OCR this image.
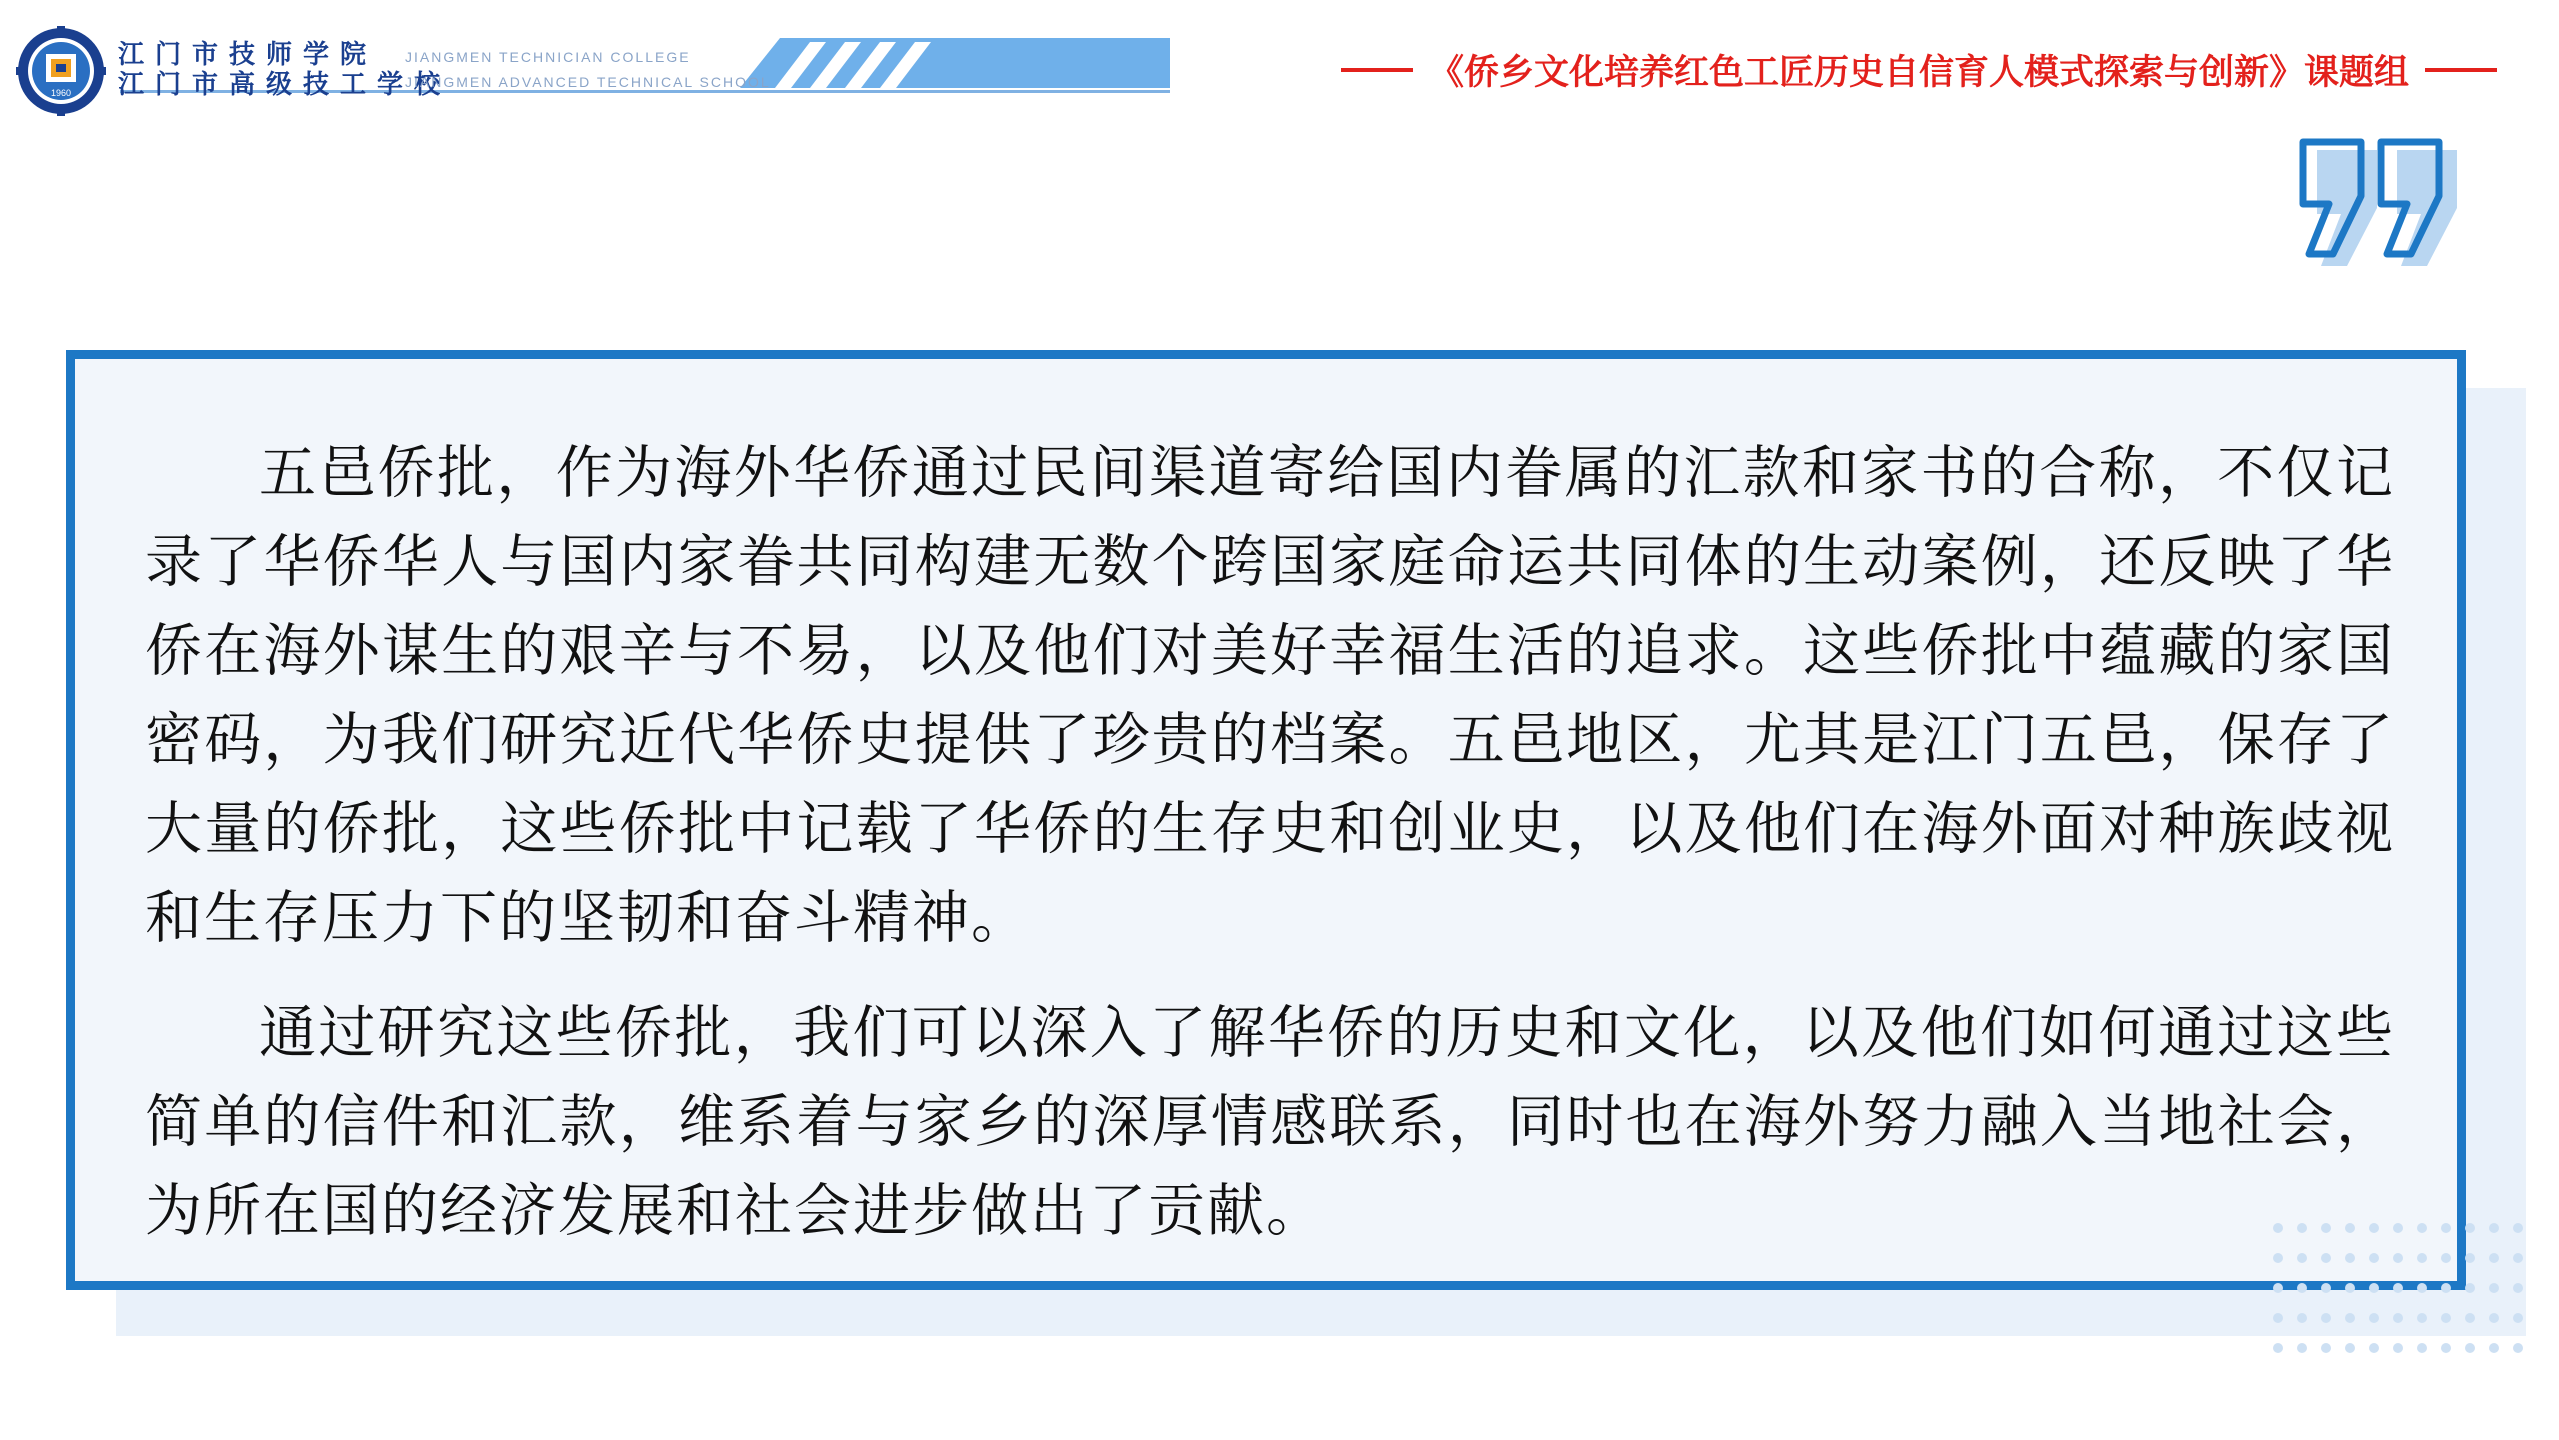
1960
江门市技师学院
江门市高级技工学校
JIANGMEN TECHNICIAN COLLEGE
JIANGMEN ADVANCED TECHNICAL SCHOOL	《侨乡文化培养红色工匠历史自信育人模式探索与创新》课题组

五邑侨批，作为海外华侨通过民间渠道寄给国内眷属的汇款和家书的合称，不仅记录了华侨华人与国内家眷共同构建无数个跨国家庭命运共同体的生动案例，还反映了华侨在海外谋生的艰辛与不易，以及他们对美好幸福生活的追求。这些侨批中蕴藏的家国密码，为我们研究近代华侨史提供了珍贵的档案。五邑地区，尤其是江门五邑，保存了大量的侨批，这些侨批中记载了华侨的生存史和创业史，以及他们在海外面对种族歧视和生存压力下的坚韧和奋斗精神。

通过研究这些侨批，我们可以深入了解华侨的历史和文化，以及他们如何通过这些简单的信件和汇款，维系着与家乡的深厚情感联系，同时也在海外努力融入当地社会，为所在国的经济发展和社会进步做出了贡献。
